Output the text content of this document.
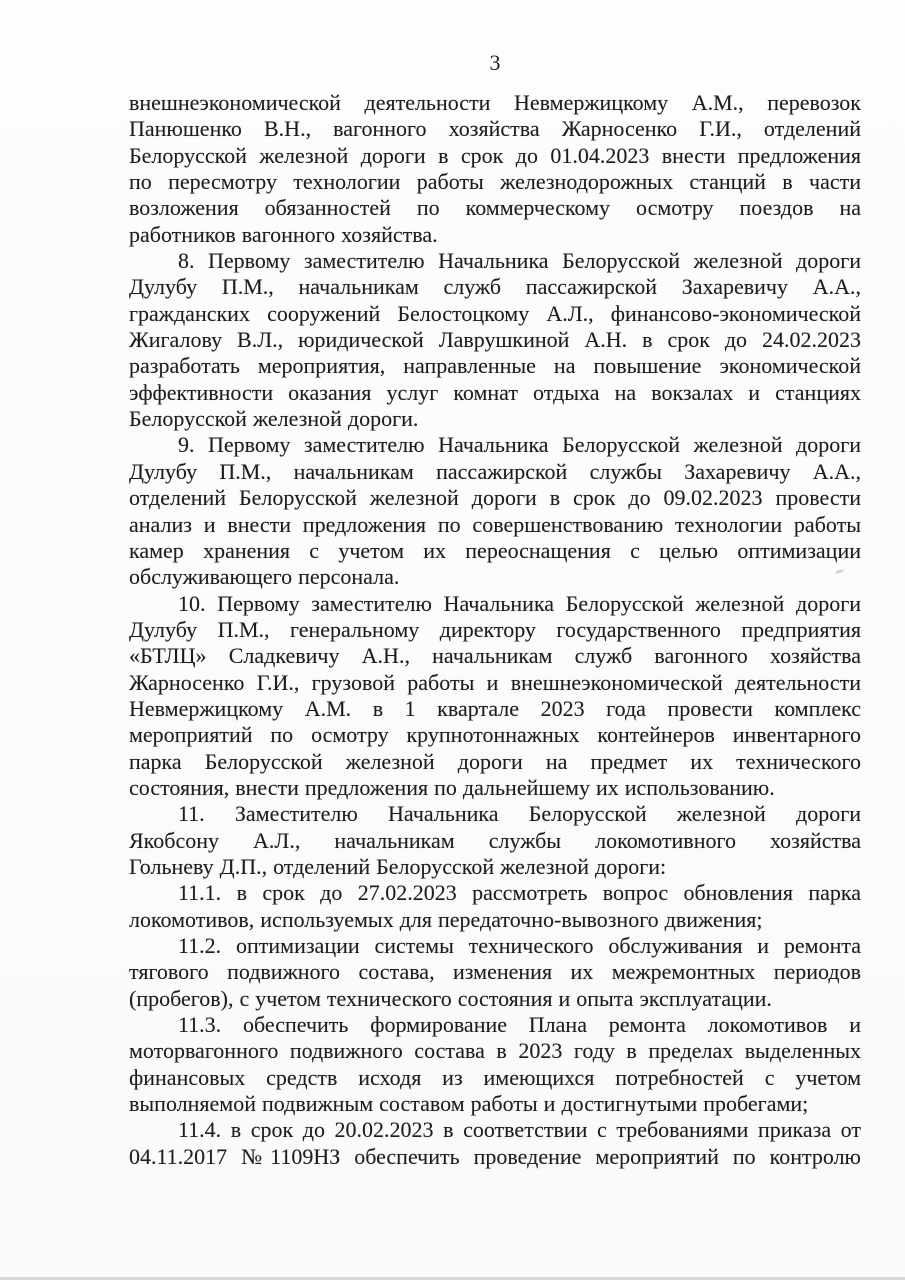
3
внешнеэкономической деятельности Невмержицкому А.М., перевозок
Панюшенко В.Н., вагонного хозяйства Жарносенко Г.И., отделений
Белорусской железной дороги в срок до 01.04.2023 внести предложения
по пересмотру технологии работы железнодорожных станций в части
возложения обязанностей по коммерческому осмотру поездов на
работников вагонного хозяйства.
8. Первому заместителю Начальника Белорусской железной дороги
Дулубу П.М., начальникам служб пассажирской Захаревичу А.А.,
гражданских сооружений Белостоцкому А.Л., финансово-экономической
Жигалову В.Л., юридической Лаврушкиной А.Н. в срок до 24.02.2023
разработать мероприятия, направленные на повышение экономической
эффективности оказания услуг комнат отдыха на вокзалах и станциях
Белорусской железной дороги.
9. Первому заместителю Начальника Белорусской железной дороги
Дулубу П.М., начальникам пассажирской службы Захаревичу А.А.,
отделений Белорусской железной дороги в срок до 09.02.2023 провести
анализ и внести предложения по совершенствованию технологии работы
камер хранения с учетом их переоснащения с целью оптимизации
обслуживающего персонала.
10. Первому заместителю Начальника Белорусской железной дороги
Дулубу П.М., генеральному директору государственного предприятия
«БТЛЦ» Сладкевичу А.Н., начальникам служб вагонного хозяйства
Жарносенко Г.И., грузовой работы и внешнеэкономической деятельности
Невмержицкому А.М. в 1 квартале 2023 года провести комплекс
мероприятий по осмотру крупнотоннажных контейнеров инвентарного
парка Белорусской железной дороги на предмет их технического
состояния, внести предложения по дальнейшему их использованию.
11. Заместителю Начальника Белорусской железной дороги
Якобсону А.Л., начальникам службы локомотивного хозяйства
Гольневу Д.П., отделений Белорусской железной дороги:
11.1. в срок до 27.02.2023 рассмотреть вопрос обновления парка
локомотивов, используемых для передаточно-вывозного движения;
11.2. оптимизации системы технического обслуживания и ремонта
тягового подвижного состава, изменения их межремонтных периодов
(пробегов), с учетом технического состояния и опыта эксплуатации.
11.3. обеспечить формирование Плана ремонта локомотивов и
моторвагонного подвижного состава в 2023 году в пределах выделенных
финансовых средств исходя из имеющихся потребностей с учетом
выполняемой подвижным составом работы и достигнутыми пробегами;
11.4. в срок до 20.02.2023 в соответствии с требованиями приказа от
04.11.2017 №1109НЗ обеспечить проведение мероприятий по контролю
